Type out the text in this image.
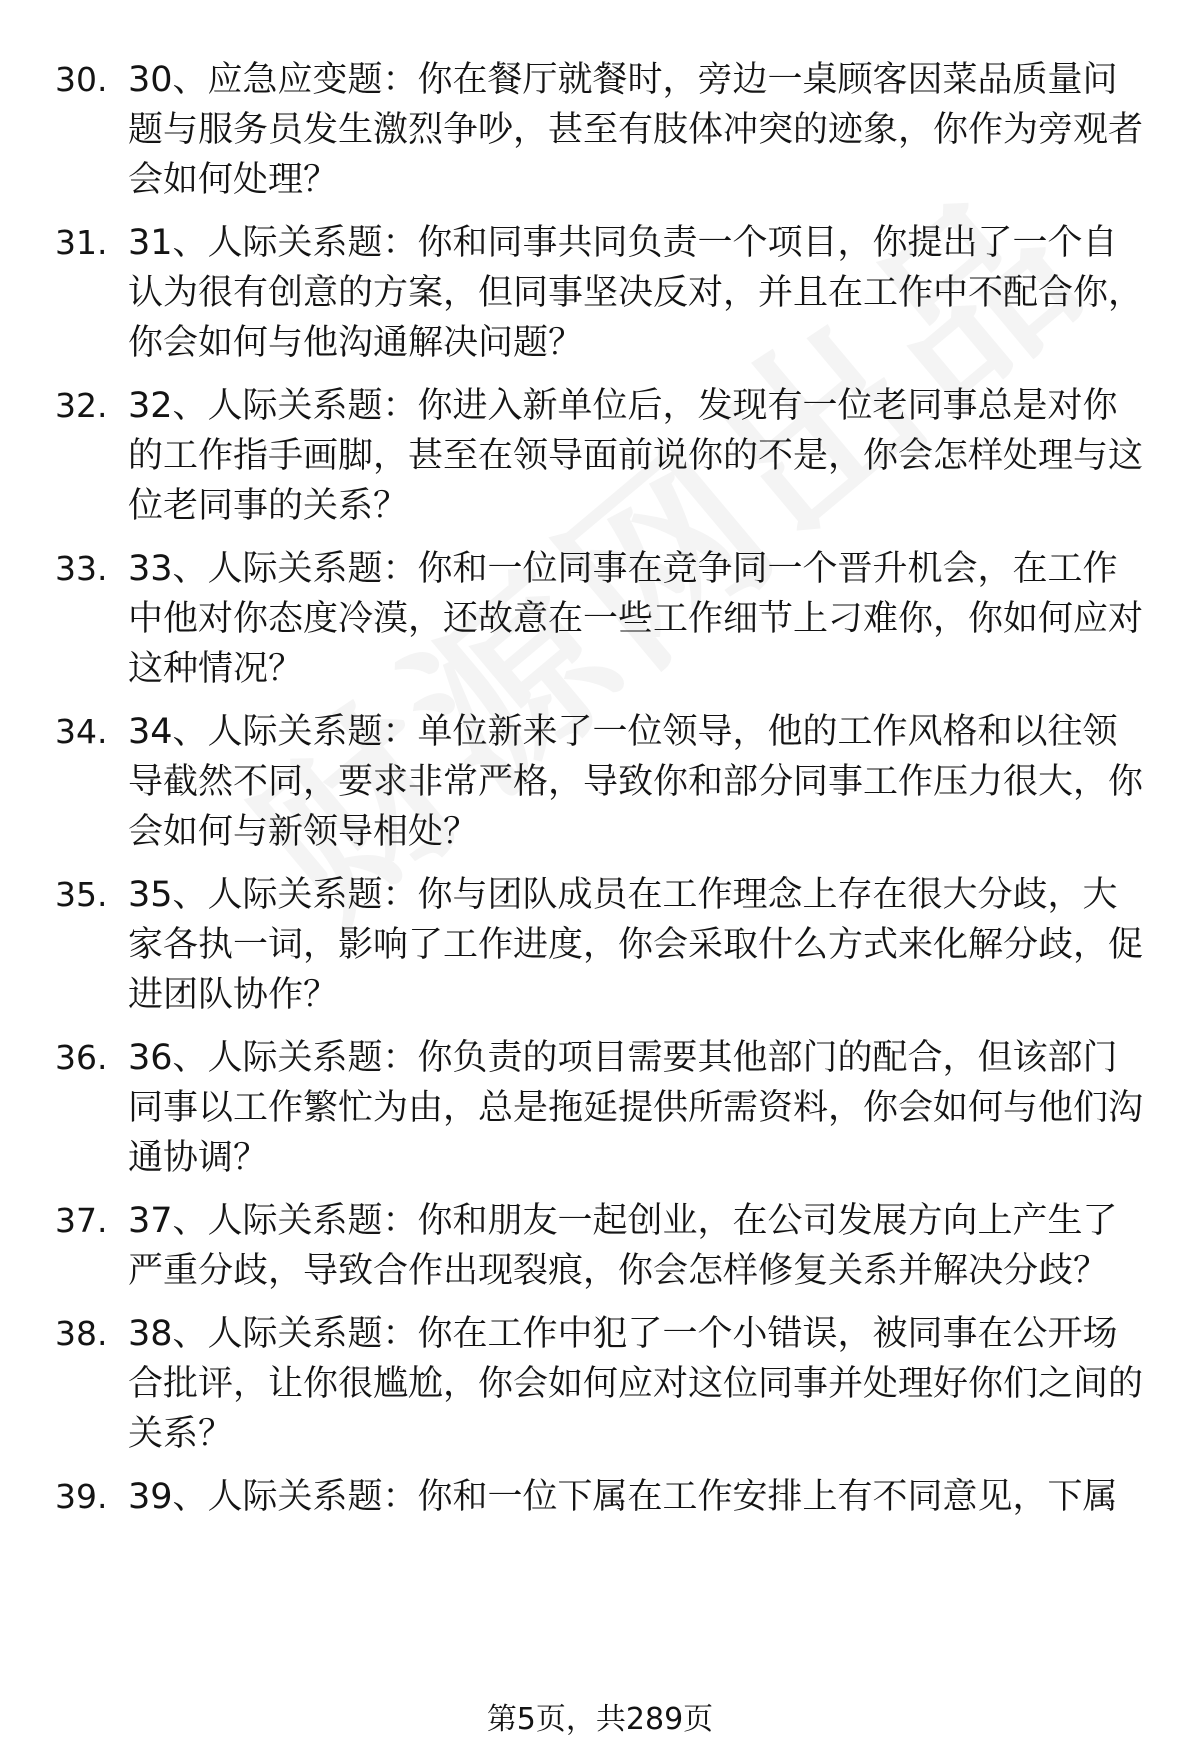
30. 30、应急应变题：你在餐厅就餐时，旁边一桌顾客因菜品质量问题与服务员发生激烈争吵，甚至有肢体冲突的迹象，你作为旁观者会如何处理？
31. 31、人际关系题：你和同事共同负责一个项目，你提出了一个自认为很有创意的方案，但同事坚决反对，并且在工作中不配合你，你会如何与他沟通解决问题？
32. 32、人际关系题：你进入新单位后，发现有一位老同事总是对你的工作指手画脚，甚至在领导面前说你的不是，你会怎样处理与这位老同事的关系？
33. 33、人际关系题：你和一位同事在竞争同一个晋升机会，在工作中他对你态度冷漠，还故意在一些工作细节上刁难你，你如何应对这种情况？
34. 34、人际关系题：单位新来了一位领导，他的工作风格和以往领导截然不同，要求非常严格，导致你和部分同事工作压力很大，你会如何与新领导相处？
35. 35、人际关系题：你与团队成员在工作理念上存在很大分歧，大家各执一词，影响了工作进度，你会采取什么方式来化解分歧，促进团队协作？
36. 36、人际关系题：你负责的项目需要其他部门的配合，但该部门同事以工作繁忙为由，总是拖延提供所需资料，你会如何与他们沟通协调？
37. 37、人际关系题：你和朋友一起创业，在公司发展方向上产生了严重分歧，导致合作出现裂痕，你会怎样修复关系并解决分歧？
38. 38、人际关系题：你在工作中犯了一个小错误，被同事在公开场合批评，让你很尴尬，你会如何应对这位同事并处理好你们之间的关系？
39. 39、人际关系题：你和一位下属在工作安排上有不同意见，下属
第5页，共289页
